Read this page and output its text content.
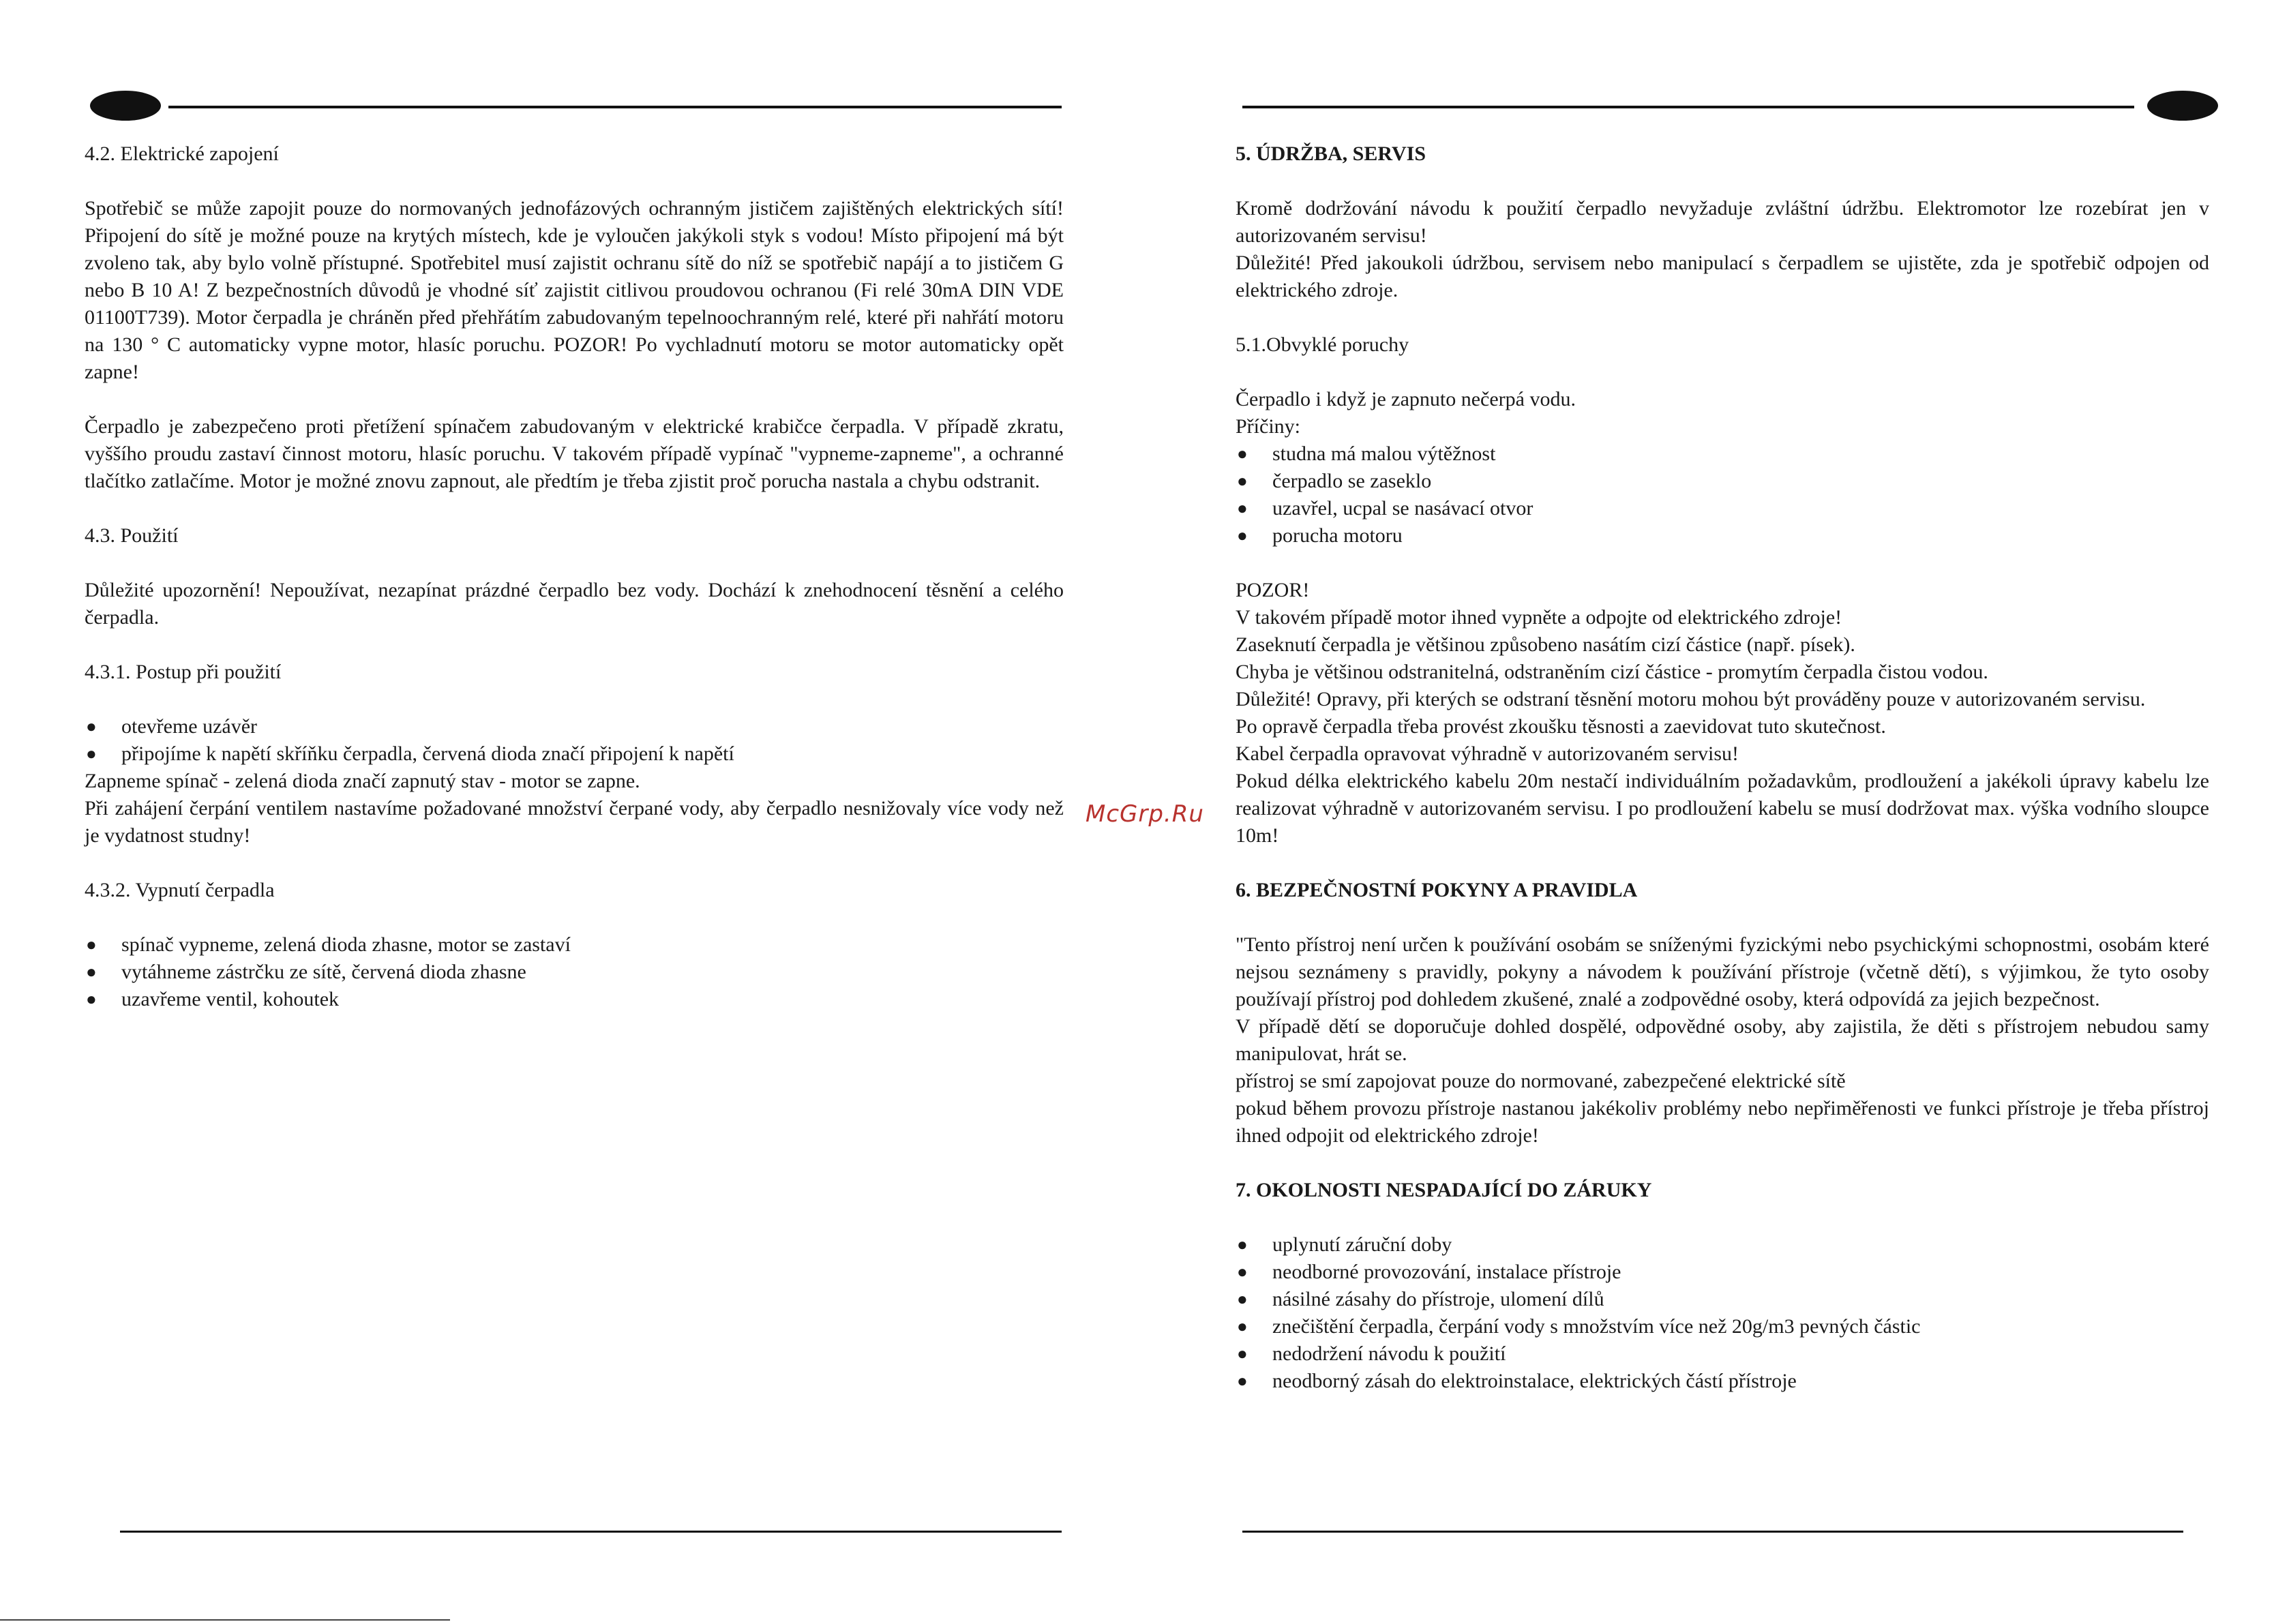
4.2. Elektrické zapojení

Spotřebič se může zapojit pouze do normovaných jednofázových ochranným jističem zajištěných elektrických sítí! Připojení do sítě je možné pouze na krytých místech, kde je vyloučen jakýkoli styk s vodou! Místo připojení má být zvoleno tak, aby bylo volně přístupné. Spotřebitel musí zajistit ochranu sítě do níž se spotřebič napájí a to jističem G nebo B 10 A! Z bezpečnostních důvodů je vhodné síť zajistit citlivou proudovou ochranou (Fi relé 30mA DIN VDE 01100T739). Motor čerpadla je chráněn před přehřátím zabudovaným tepelnoochranným relé, které při nahřátí motoru na 130 ° C automaticky vypne motor, hlasíc poruchu. POZOR! Po vychladnutí motoru se motor automaticky opět zapne!

Čerpadlo je zabezpečeno proti přetížení spínačem zabudovaným v elektrické krabičce čerpadla. V případě zkratu, vyššího proudu zastaví činnost motoru, hlasíc poruchu. V takovém případě vypínač "vypneme-zapneme", a ochranné tlačítko zatlačíme. Motor je možné znovu zapnout, ale předtím je třeba zjistit proč porucha nastala a chybu odstranit.

4.3. Použití

Důležité upozornění! Nepoužívat, nezapínat prázdné čerpadlo bez vody. Dochází k znehodnocení těsnění a celého čerpadla.

4.3.1. Postup při použití
● otevřeme uzávěr
● připojíme k napětí skříňku čerpadla, červená dioda značí připojení k napětí

Zapneme spínač - zelená dioda značí zapnutý stav - motor se zapne.

Při zahájení čerpání ventilem nastavíme požadované množství čerpané vody, aby čerpadlo nesnižovaly více vody než je vydatnost studny!

4.3.2. Vypnutí čerpadla
● spínač vypneme, zelená dioda zhasne, motor se zastaví
● vytáhneme zástrčku ze sítě, červená dioda zhasne
● uzavřeme ventil, kohoutek
McGrp.Ru
5. ÚDRŽBA, SERVIS

Kromě dodržování návodu k použití čerpadlo nevyžaduje zvláštní údržbu. Elektromotor lze rozebírat jen v autorizovaném servisu!

Důležité! Před jakoukoli údržbou, servisem nebo manipulací s čerpadlem se ujistěte, zda je spotřebič odpojen od elektrického zdroje.

5.1.Obvyklé poruchy

Čerpadlo i když je zapnuto nečerpá vodu.

Příčiny:

● studna má malou výtěžnost
● čerpadlo se zaseklo
● uzavřel, ucpal se nasávací otvor
● porucha motoru

POZOR!
V takovém případě motor ihned vypněte a odpojte od elektrického zdroje!
Zaseknutí čerpadla je většinou způsobeno nasátím cizí částice (např. písek).
Chyba je většinou odstranitelná, odstraněním cizí částice - promytím čerpadla čistou vodou.
Důležité! Opravy, při kterých se odstraní těsnění motoru mohou být prováděny pouze v autorizovaném servisu.
Po opravě čerpadla třeba provést zkoušku těsnosti a zaevidovat tuto skutečnost.
Kabel čerpadla opravovat výhradně v autorizovaném servisu!
Pokud délka elektrického kabelu 20m nestačí individuálním požadavkům, prodloužení a jakékoli úpravy kabelu lze realizovat výhradně v autorizovaném servisu. I po prodloužení kabelu se musí dodržovat max. výška vodního sloupce 10m!

6. BEZPEČNOSTNÍ POKYNY A PRAVIDLA

"Tento přístroj není určen k používání osobám se sníženými fyzickými nebo psychickými schopnostmi, osobám které nejsou seznámeny s pravidly, pokyny a návodem k používání přístroje (včetně dětí), s výjimkou, že tyto osoby používají přístroj pod dohledem zkušené, znalé a zodpovědné osoby, která odpovídá za jejich bezpečnost.
V případě dětí se doporučuje dohled dospělé, odpovědné osoby, aby zajistila, že děti s přístrojem nebudou samy manipulovat, hrát se.
přístroj se smí zapojovat pouze do normované, zabezpečené elektrické sítě
pokud během provozu přístroje nastanou jakékoliv problémy nebo nepřiměřenosti ve funkci přístroje je třeba přístroj ihned odpojit od elektrického zdroje!

7. OKOLNOSTI NESPADAJÍCÍ DO ZÁRUKY
● uplynutí záruční doby
● neodborné provozování, instalace přístroje
● násilné zásahy do přístroje, ulomení dílů
● znečištění čerpadla, čerpání vody s množstvím více než 20g/m3 pevných částic
● nedodržení návodu k použití
● neodborný zásah do elektroinstalace, elektrických částí přístroje
